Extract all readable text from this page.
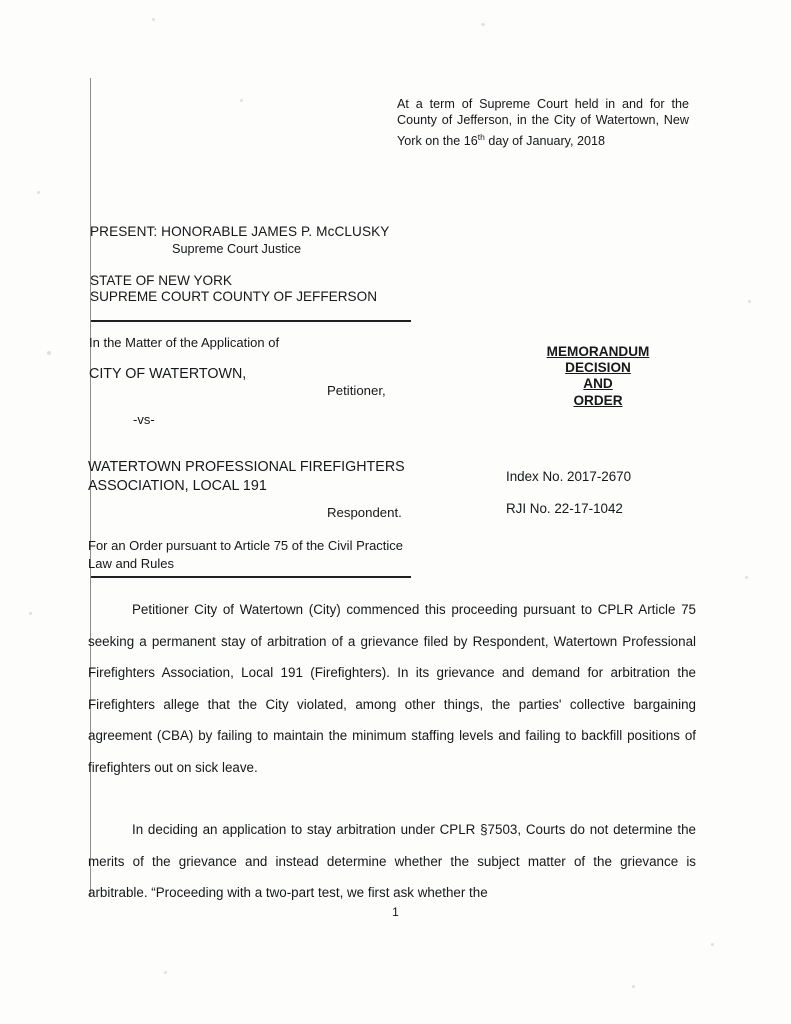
At a term of Supreme Court held in and for the County of Jefferson, in the City of Watertown, New York on the 16th day of January, 2018
PRESENT: HONORABLE JAMES P. McCLUSKY
Supreme Court Justice
STATE OF NEW YORK
SUPREME COURT COUNTY OF JEFFERSON
In the Matter of the Application of
CITY OF WATERTOWN,
Petitioner,
-vs-
WATERTOWN PROFESSIONAL FIREFIGHTERS ASSOCIATION, LOCAL 191
Respondent.
For an Order pursuant to Article 75 of the Civil Practice Law and Rules
MEMORANDUM
DECISION
AND
ORDER
Index No. 2017-2670
RJI No. 22-17-1042

Petitioner City of Watertown (City) commenced this proceeding pursuant to CPLR Article 75 seeking a permanent stay of arbitration of a grievance filed by Respondent, Watertown Professional Firefighters Association, Local 191 (Firefighters). In its grievance and demand for arbitration the Firefighters allege that the City violated, among other things, the parties' collective bargaining agreement (CBA) by failing to maintain the minimum staffing levels and failing to backfill positions of firefighters out on sick leave.

In deciding an application to stay arbitration under CPLR §7503, Courts do not determine the merits of the grievance and instead determine whether the subject matter of the grievance is arbitrable. “Proceeding with a two-part test, we first ask whether the

1
